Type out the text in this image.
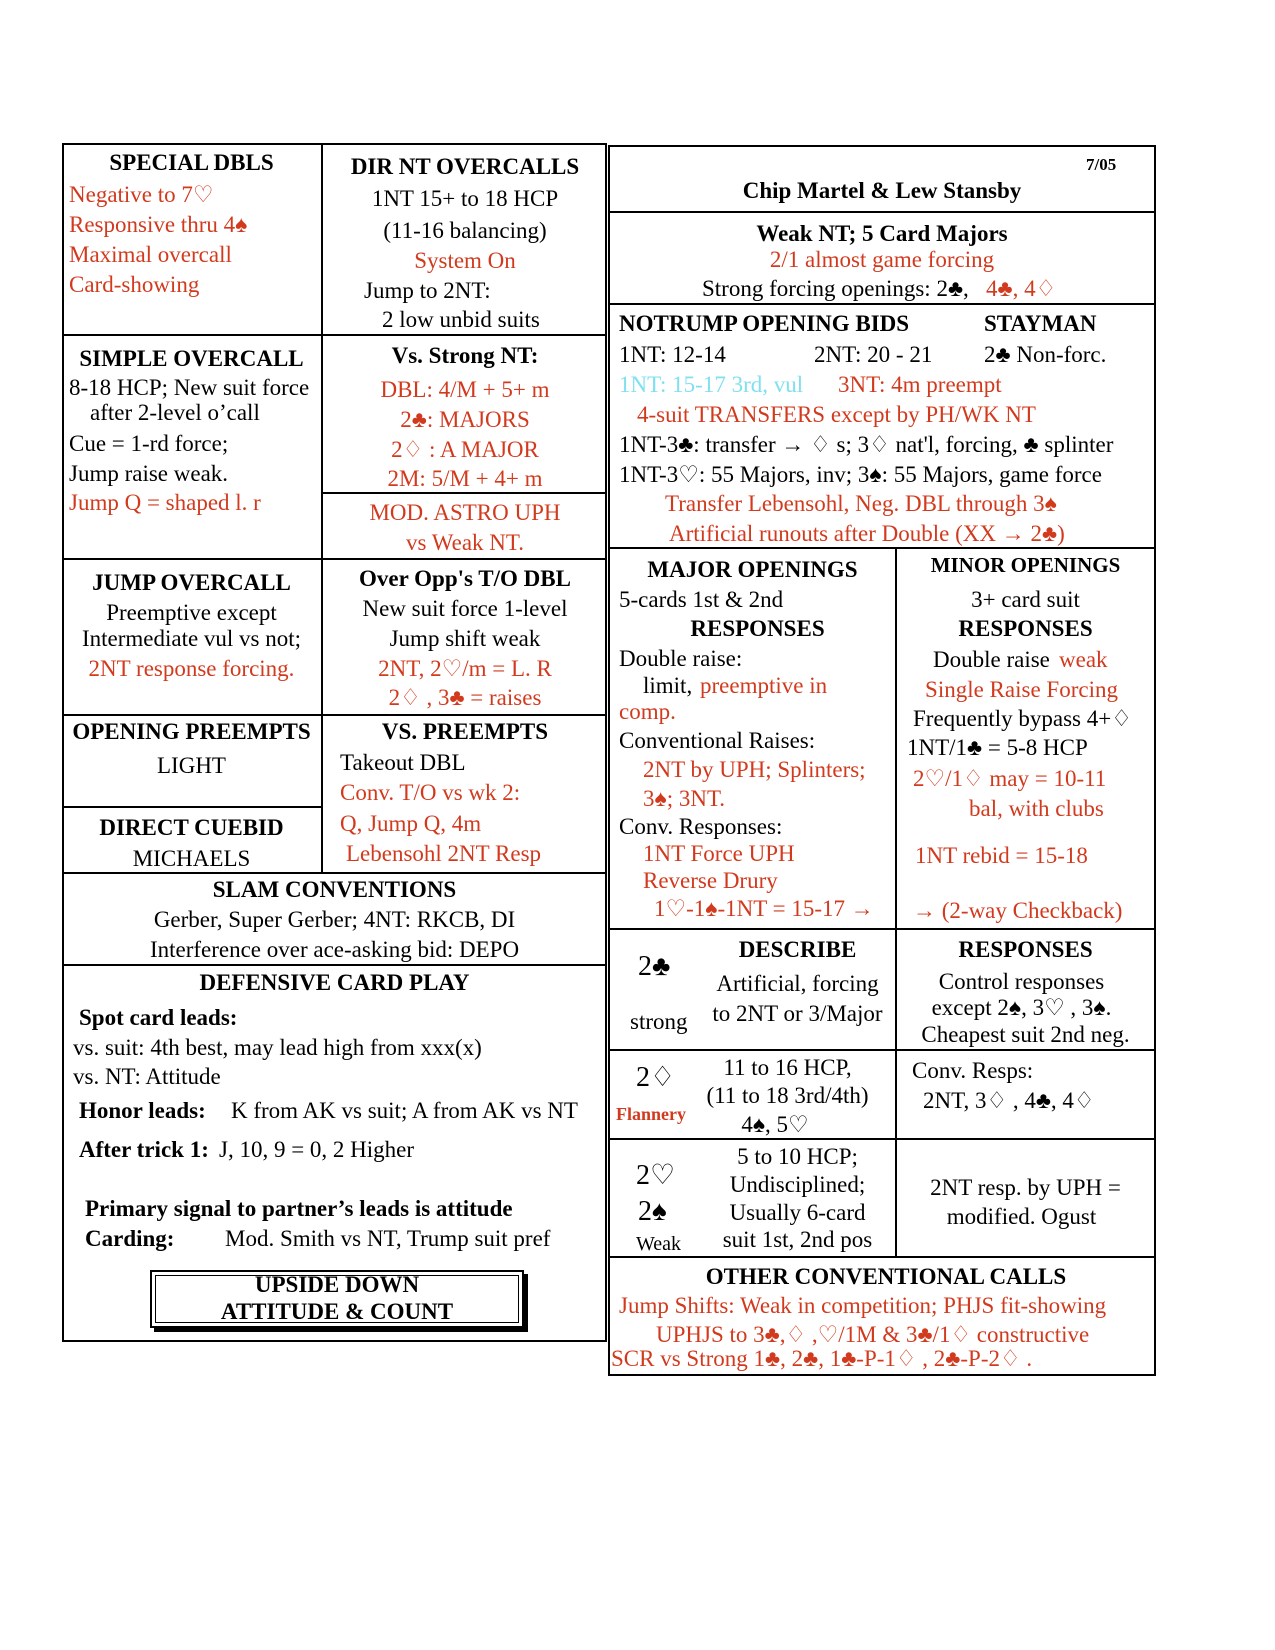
SPECIAL DBLS
Negative to 7♡
Responsive thru 4♠
Maximal overcall
Card-showing
DIR NT OVERCALLS
1NT 15+ to 18 HCP
(11-16 balancing)
System On
Jump to 2NT:
2 low unbid suits
SIMPLE OVERCALL
8-18 HCP; New suit force
after 2-level o’call
Cue = 1-rd force;
Jump raise weak.
Jump Q = shaped l. r
Vs. Strong NT:
DBL: 4/M + 5+ m
2♣: MAJORS
2♢ : A MAJOR
2M: 5/M + 4+ m
MOD. ASTRO UPH
vs Weak NT.
JUMP OVERCALL
Preemptive except
Intermediate vul vs not;
2NT response forcing.
Over Opp's T/O DBL
New suit force 1-level
Jump shift weak
2NT, 2♡/m = L. R
2♢ , 3♣ = raises
OPENING PREEMPTS
LIGHT
VS. PREEMPTS
Takeout DBL
Conv. T/O vs wk 2:
Q, Jump Q, 4m
Lebensohl 2NT Resp
DIRECT CUEBID
MICHAELS
SLAM CONVENTIONS
Gerber, Super Gerber; 4NT: RKCB, DI
Interference over ace-asking bid: DEPO
DEFENSIVE CARD PLAY
Spot card leads:
vs. suit: 4th best, may lead high from xxx(x)
vs. NT: Attitude
Honor leads: K from AK vs suit; A from AK vs NT
After trick 1: J, 10, 9 = 0, 2 Higher
Primary signal to partner’s leads is attitude
Carding: Mod. Smith vs NT, Trump suit pref
UPSIDE DOWN
ATTITUDE & COUNT
7/05
Chip Martel & Lew Stansby
Weak NT; 5 Card Majors
2/1 almost game forcing
Strong forcing openings: 2♣, 4♣, 4♢
NOTRUMP OPENING BIDS	STAYMAN
1NT: 12-14	2NT: 20 - 21 2♣ Non-forc.
1NT: 15-17 3rd, vul 3NT: 4m preempt
4-suit TRANSFERS except by PH/WK NT
1NT-3♣: transfer → ♢ s; 3♢ nat'l, forcing, ♣ splinter
1NT-3♡: 55 Majors, inv; 3♠: 55 Majors, game force
Transfer Lebensohl, Neg. DBL through 3♠
Artificial runouts after Double (XX → 2♣)
MAJOR OPENINGS
5-cards 1st & 2nd
RESPONSES
Double raise:
limit, preemptive in
comp.
Conventional Raises:
2NT by UPH; Splinters;
3♠; 3NT.
Conv. Responses:
1NT Force UPH
Reverse Drury
1♡-1♠-1NT = 15-17 →
MINOR OPENINGS
3+ card suit
RESPONSES
Double raise weak
Single Raise Forcing
Frequently bypass 4+♢
1NT/1♣ = 5-8 HCP
2♡/1♢ may = 10-11
bal, with clubs
1NT rebid = 15-18
→ (2-way Checkback)
2♣
strong
DESCRIBE
Artificial, forcing
to 2NT or 3/Major
RESPONSES
Control responses
except 2♠, 3♡ , 3♠.
Cheapest suit 2nd neg.
2♢
Flannery
11 to 16 HCP,
(11 to 18 3rd/4th)
4♠, 5♡
Conv. Resps:
2NT, 3♢ , 4♣, 4♢
2♡
2♠
Weak
5 to 10 HCP;
Undisciplined;
Usually 6-card
suit 1st, 2nd pos
2NT resp. by UPH =
modified. Ogust
OTHER CONVENTIONAL CALLS
Jump Shifts: Weak in competition; PHJS fit-showing
UPHJS to 3♣,♢ ,♡/1M & 3♣/1♢ constructive
SCR vs Strong 1♣, 2♣, 1♣-P-1♢ , 2♣-P-2♢ .
